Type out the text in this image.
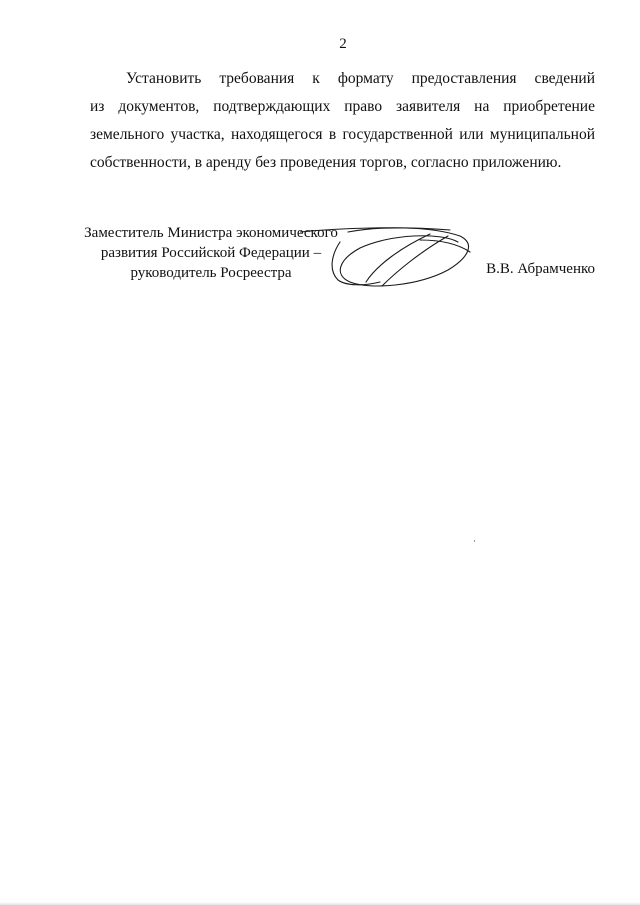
2
Установить требования к формату предоставления сведений
из документов, подтверждающих право заявителя на приобретение
земельного участка, находящегося в государственной или муниципальной
собственности, в аренду без проведения торгов, согласно приложению.
Заместитель Министра экономического
развития Российской Федерации –
руководитель Росреестра	В.В. Абрамченко
